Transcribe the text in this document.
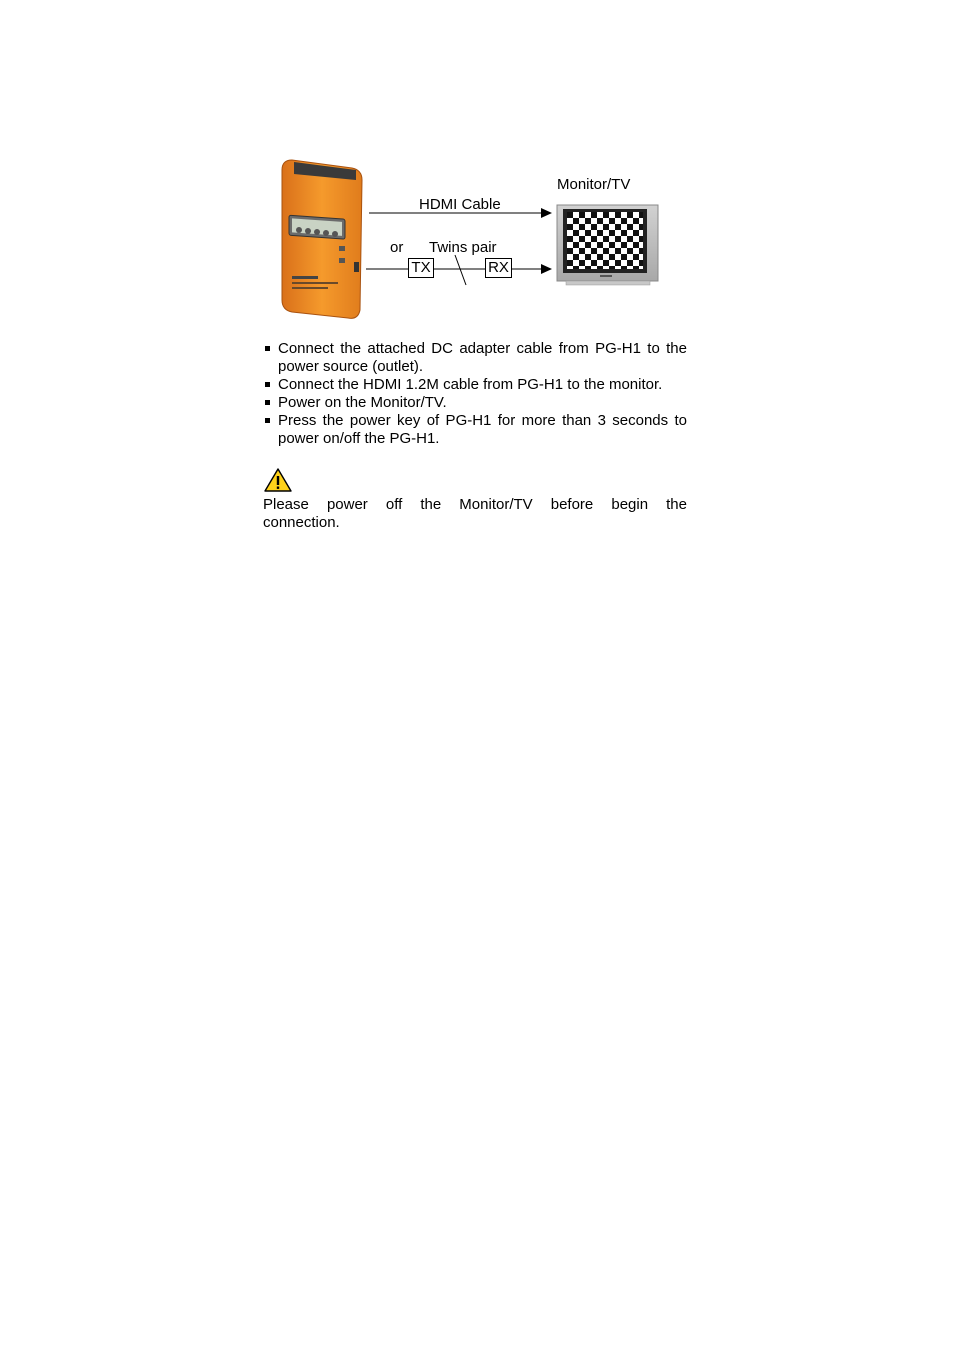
Monitor/TV
HDMI Cable
or Twins pair
TX	RX
Connect the attached DC adapter cable from PG-H1 to the power source (outlet).
Connect the HDMI 1.2M cable from PG-H1 to the monitor.
Power on the Monitor/TV.
Press the power key of PG-H1 for more than 3 seconds to power on/off the PG-H1.
Please power off the Monitor/TV before begin the
connection.
